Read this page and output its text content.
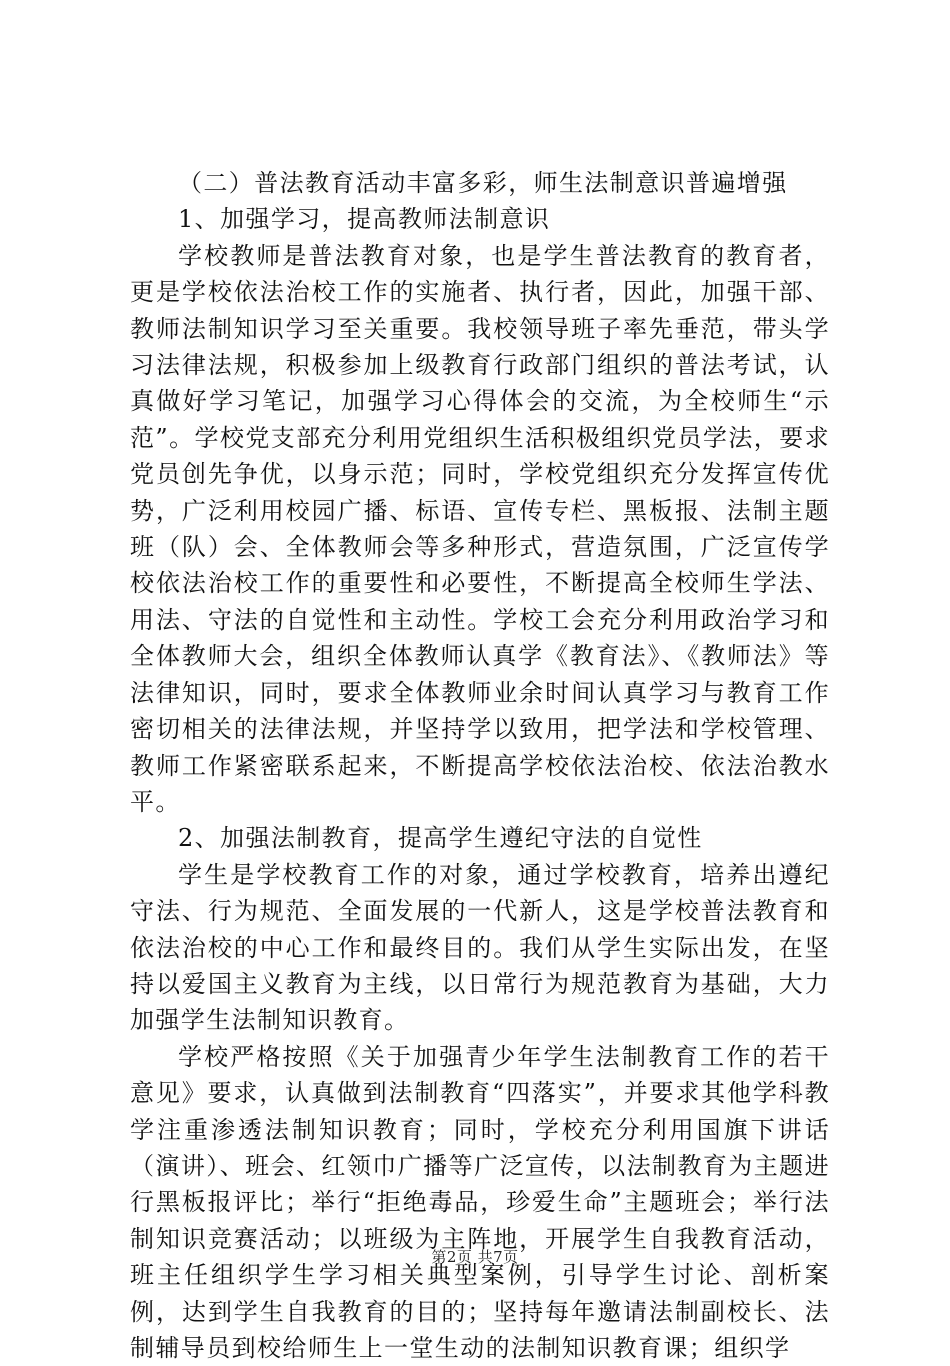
（二）普法教育活动丰富多彩，师生法制意识普遍增强

1、加强学习，提高教师法制意识

学校教师是普法教育对象，也是学生普法教育的教育者，更是学校依法治校工作的实施者、执行者，因此，加强干部、教师法制知识学习至关重要。我校领导班子率先垂范，带头学习法律法规，积极参加上级教育行政部门组织的普法考试，认真做好学习笔记，加强学习心得体会的交流，为全校师生“示范”。学校党支部充分利用党组织生活积极组织党员学法，要求党员创先争优，以身示范；同时，学校党组织充分发挥宣传优势，广泛利用校园广播、标语、宣传专栏、黑板报、法制主题班（队）会、全体教师会等多种形式，营造氛围，广泛宣传学校依法治校工作的重要性和必要性，不断提高全校师生学法、用法、守法的自觉性和主动性。学校工会充分利用政治学习和全体教师大会，组织全体教师认真学《教育法》、《教师法》等法律知识，同时，要求全体教师业余时间认真学习与教育工作密切相关的法律法规，并坚持学以致用，把学法和学校管理、教师工作紧密联系起来，不断提高学校依法治校、依法治教水平。

2、加强法制教育，提高学生遵纪守法的自觉性

学生是学校教育工作的对象，通过学校教育，培养出遵纪守法、行为规范、全面发展的一代新人，这是学校普法教育和依法治校的中心工作和最终目的。我们从学生实际出发，在坚持以爱国主义教育为主线，以日常行为规范教育为基础，大力加强学生法制知识教育。

学校严格按照《关于加强青少年学生法制教育工作的若干意见》要求，认真做到法制教育“四落实”，并要求其他学科教学注重渗透法制知识教育；同时，学校充分利用国旗下讲话（演讲）、班会、红领巾广播等广泛宣传，以法制教育为主题进行黑板报评比；举行“拒绝毒品，珍爱生命”主题班会；举行法制知识竞赛活动；以班级为主阵地，开展学生自我教育活动，班主任组织学生学习相关典型案例，引导学生讨论、剖析案例，达到学生自我教育的目的；坚持每年邀请法制副校长、法制辅导员到校给师生上一堂生动的法制知识教育课；组织学

第2页 共7页
